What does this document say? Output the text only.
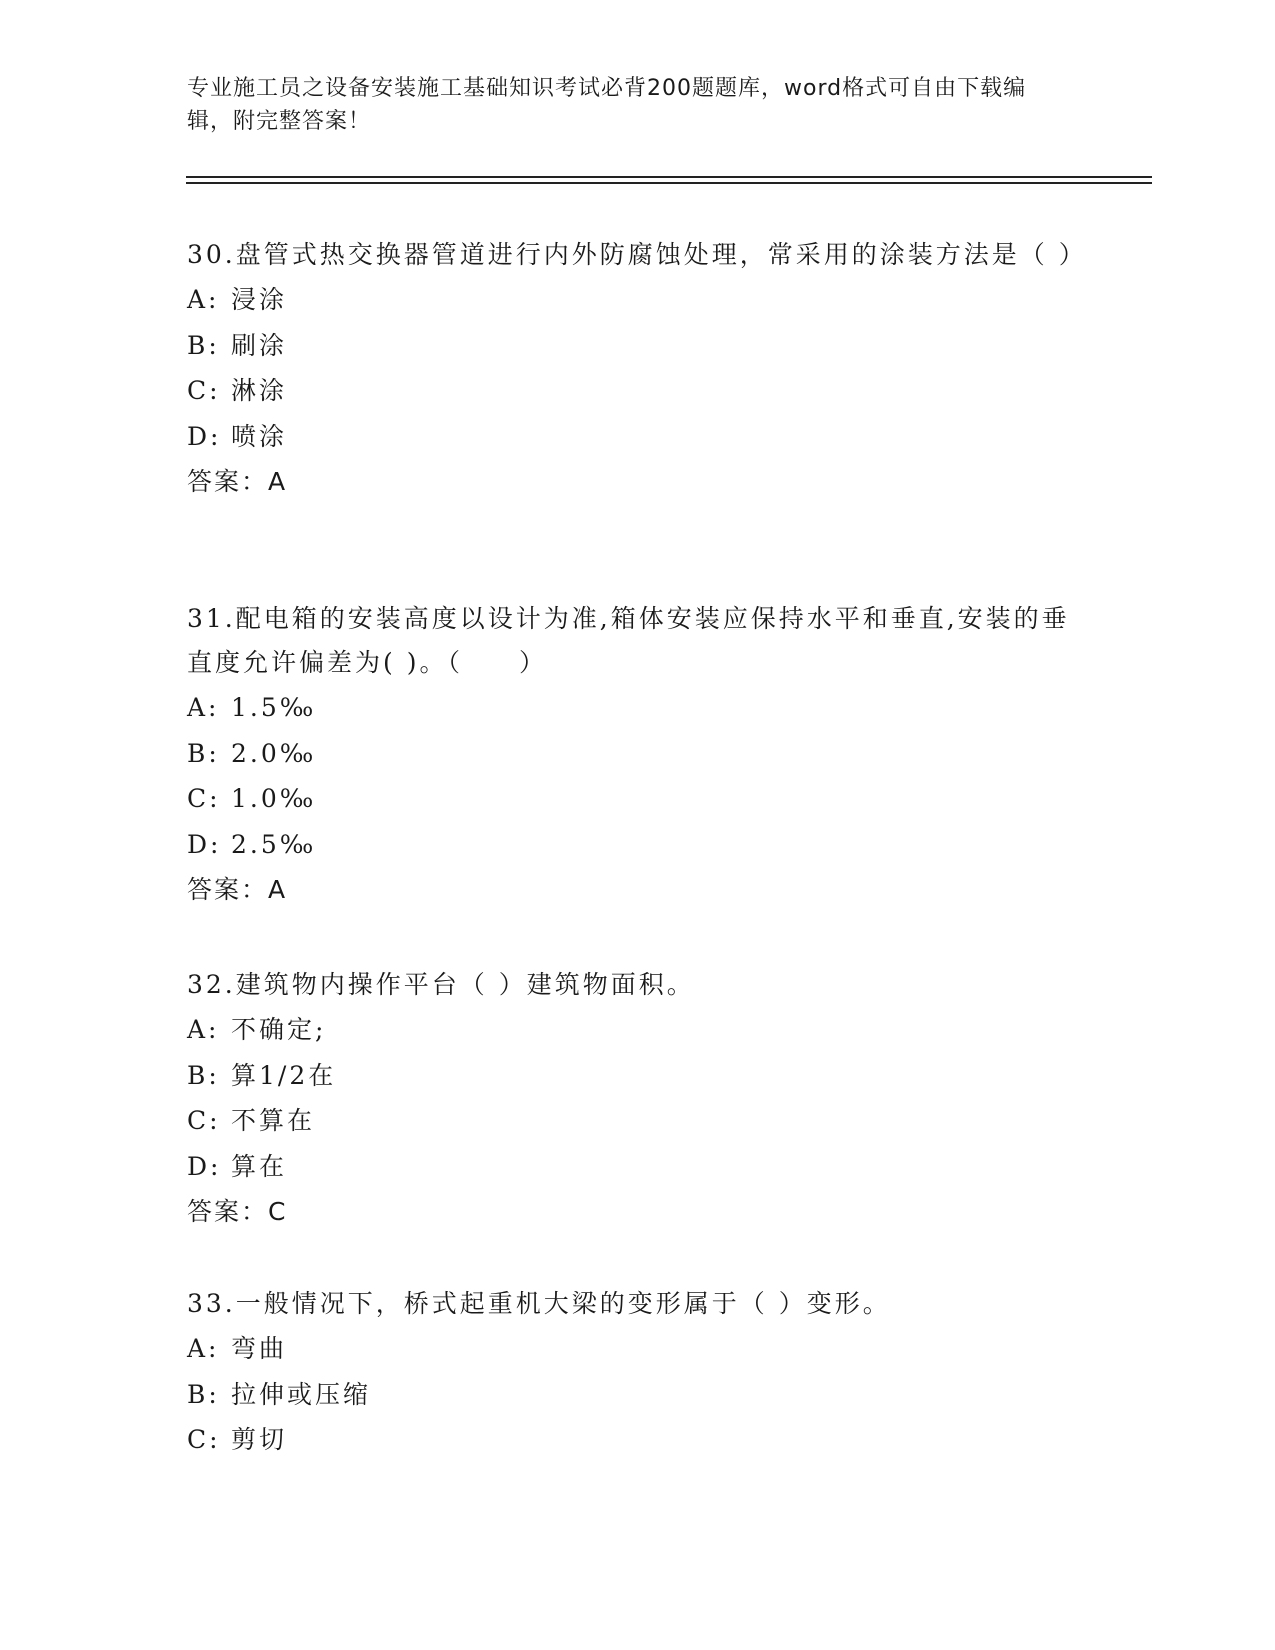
专业施工员之设备安装施工基础知识考试必背200题题库，word格式可自由下载编辑，附完整答案！
30.盘管式热交换器管道进行内外防腐蚀处理，常采用的涂装方法是（ ）
A: 浸涂
B: 刷涂
C: 淋涂
D: 喷涂
答案：A
31.配电箱的安装高度以设计为准,箱体安装应保持水平和垂直,安装的垂直度允许偏差为( )。（　　）
A: 1.5‰
B: 2.0‰
C: 1.0‰
D: 2.5‰
答案：A
32.建筑物内操作平台（ ）建筑物面积。
A: 不确定;
B: 算1/2在
C: 不算在
D: 算在
答案：C
33.一般情况下，桥式起重机大梁的变形属于（ ）变形。
A: 弯曲
B: 拉伸或压缩
C: 剪切
